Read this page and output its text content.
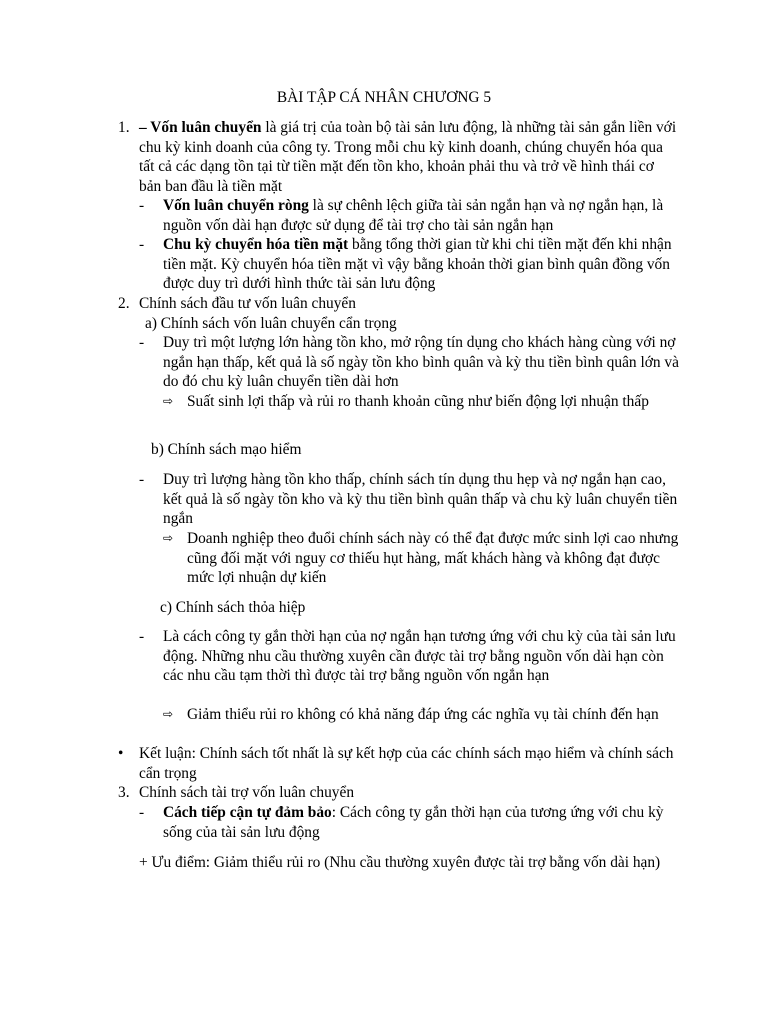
BÀI TẬP CÁ NHÂN CHƯƠNG 5
1. – Vốn luân chuyển là giá trị của toàn bộ tài sản lưu động, là những tài sản gắn liền với chu kỳ kinh doanh của công ty. Trong mỗi chu kỳ kinh doanh, chúng chuyển hóa qua tất cả các dạng tồn tại từ tiền mặt đến tồn kho, khoản phải thu và trở về hình thái cơ bản ban đầu là tiền mặt
- Vốn luân chuyển ròng là sự chênh lệch giữa tài sản ngắn hạn và nợ ngắn hạn, là nguồn vốn dài hạn được sử dụng để tài trợ cho tài sản ngắn hạn
- Chu kỳ chuyển hóa tiền mặt bằng tổng thời gian từ khi chi tiền mặt đến khi nhận tiền mặt. Kỳ chuyển hóa tiền mặt vì vậy bằng khoản thời gian bình quân đồng vốn được duy trì dưới hình thức tài sản lưu động
2. Chính sách đầu tư vốn luân chuyển
a) Chính sách vốn luân chuyển cẩn trọng
- Duy trì một lượng lớn hàng tồn kho, mở rộng tín dụng cho khách hàng cùng với nợ ngắn hạn thấp, kết quả là số ngày tồn kho bình quân và kỳ thu tiền bình quân lớn và do đó chu kỳ luân chuyển tiền dài hơn
⇨ Suất sinh lợi thấp và rủi ro thanh khoản cũng như biến động lợi nhuận thấp
b) Chính sách mạo hiểm
- Duy trì lượng hàng tồn kho thấp, chính sách tín dụng thu hẹp và nợ ngắn hạn cao, kết quả là số ngày tồn kho và kỳ thu tiền bình quân thấp và chu kỳ luân chuyển tiền ngắn
⇨ Doanh nghiệp theo đuổi chính sách này có thể đạt được mức sinh lợi cao nhưng cũng đối mặt với nguy cơ thiếu hụt hàng, mất khách hàng và không đạt được mức lợi nhuận dự kiến
c) Chính sách thỏa hiệp
- Là cách công ty gắn thời hạn của nợ ngắn hạn tương ứng với chu kỳ của tài sản lưu động. Những nhu cầu thường xuyên cần được tài trợ bằng nguồn vốn dài hạn còn các nhu cầu tạm thời thì được tài trợ bằng nguồn vốn ngắn hạn
⇨ Giảm thiểu rủi ro không có khả năng đáp ứng các nghĩa vụ tài chính đến hạn
• Kết luận: Chính sách tốt nhất là sự kết hợp của các chính sách mạo hiểm và chính sách cẩn trọng
3. Chính sách tài trợ vốn luân chuyển
- Cách tiếp cận tự đảm bảo: Cách công ty gắn thời hạn của tương ứng với chu kỳ sống của tài sản lưu động
+ Ưu điểm: Giảm thiểu rủi ro (Nhu cầu thường xuyên được tài trợ bằng vốn dài hạn)
